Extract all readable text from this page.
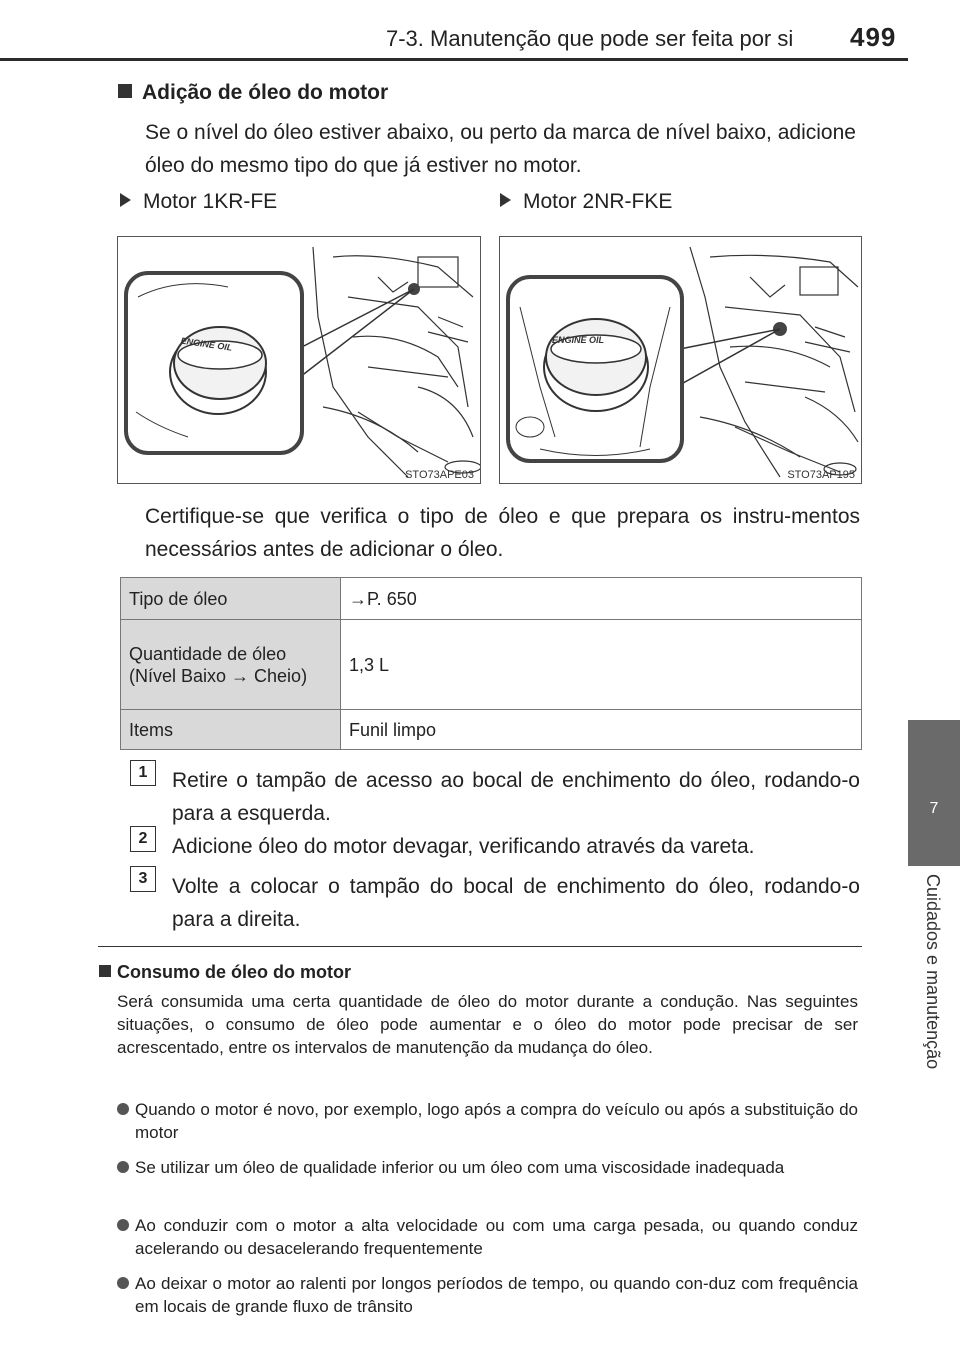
7-3. Manutenção que pode ser feita por si 499
7
Cuidados e manutenção
Adição de óleo do motor
Se o nível do óleo estiver abaixo, ou perto da marca de nível baixo, adicione óleo do mesmo tipo do que já estiver no motor.
Motor 1KR-FE	Motor 2NR-FKE
ENGINE OIL
STO73APE03
ENGINE OIL
STO73AP195
Certifique-se que verifica o tipo de óleo e que prepara os instru-mentos necessários antes de adicionar o óleo.
Tipo de óleo	→P. 650
Quantidade de óleo (Nível Baixo → Cheio)	1,3 L
Items	Funil limpo
1	Retire o tampão de acesso ao bocal de enchimento do óleo, rodando-o para a esquerda.
2	Adicione óleo do motor devagar, verificando através da vareta.
3	Volte a colocar o tampão do bocal de enchimento do óleo, rodando-o para a direita.
Consumo de óleo do motor
Será consumida uma certa quantidade de óleo do motor durante a condução. Nas seguintes situações, o consumo de óleo pode aumentar e o óleo do motor pode precisar de ser acrescentado, entre os intervalos de manutenção da mudança do óleo.
Quando o motor é novo, por exemplo, logo após a compra do veículo ou após a substituição do motor
Se utilizar um óleo de qualidade inferior ou um óleo com uma viscosidade inadequada
Ao conduzir com o motor a alta velocidade ou com uma carga pesada, ou quando conduz acelerando ou desacelerando frequentemente
Ao deixar o motor ao ralenti por longos períodos de tempo, ou quando con-duz com frequência em locais de grande fluxo de trânsito
